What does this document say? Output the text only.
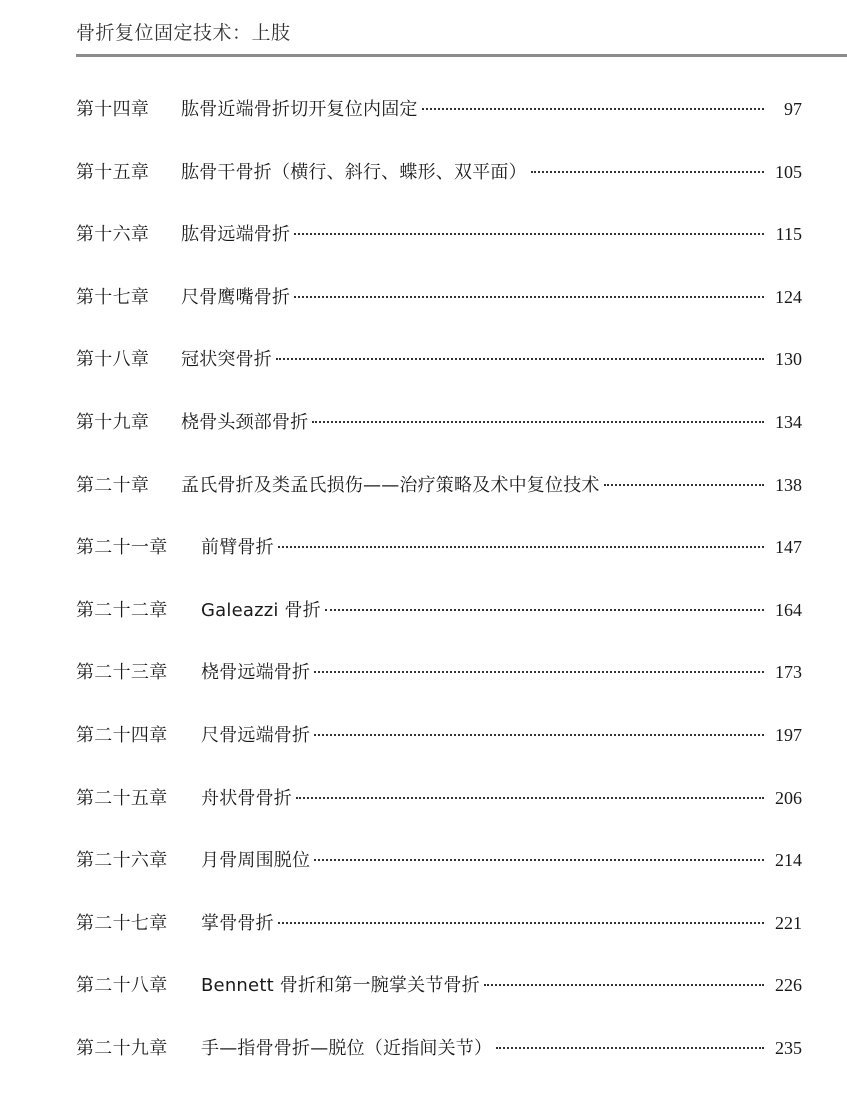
骨折复位固定技术：上肢
第十四章	肱骨近端骨折切开复位内固定	97
第十五章	肱骨干骨折（横行、斜行、蝶形、双平面）	105
第十六章	肱骨远端骨折	115
第十七章	尺骨鹰嘴骨折	124
第十八章	冠状突骨折	130
第十九章	桡骨头颈部骨折	134
第二十章	孟氏骨折及类孟氏损伤——治疗策略及术中复位技术	138
第二十一章	前臂骨折	147
第二十二章	Galeazzi 骨折	164
第二十三章	桡骨远端骨折	173
第二十四章	尺骨远端骨折	197
第二十五章	舟状骨骨折	206
第二十六章	月骨周围脱位	214
第二十七章	掌骨骨折	221
第二十八章	Bennett 骨折和第一腕掌关节骨折	226
第二十九章	手—指骨骨折—脱位（近指间关节）	235
